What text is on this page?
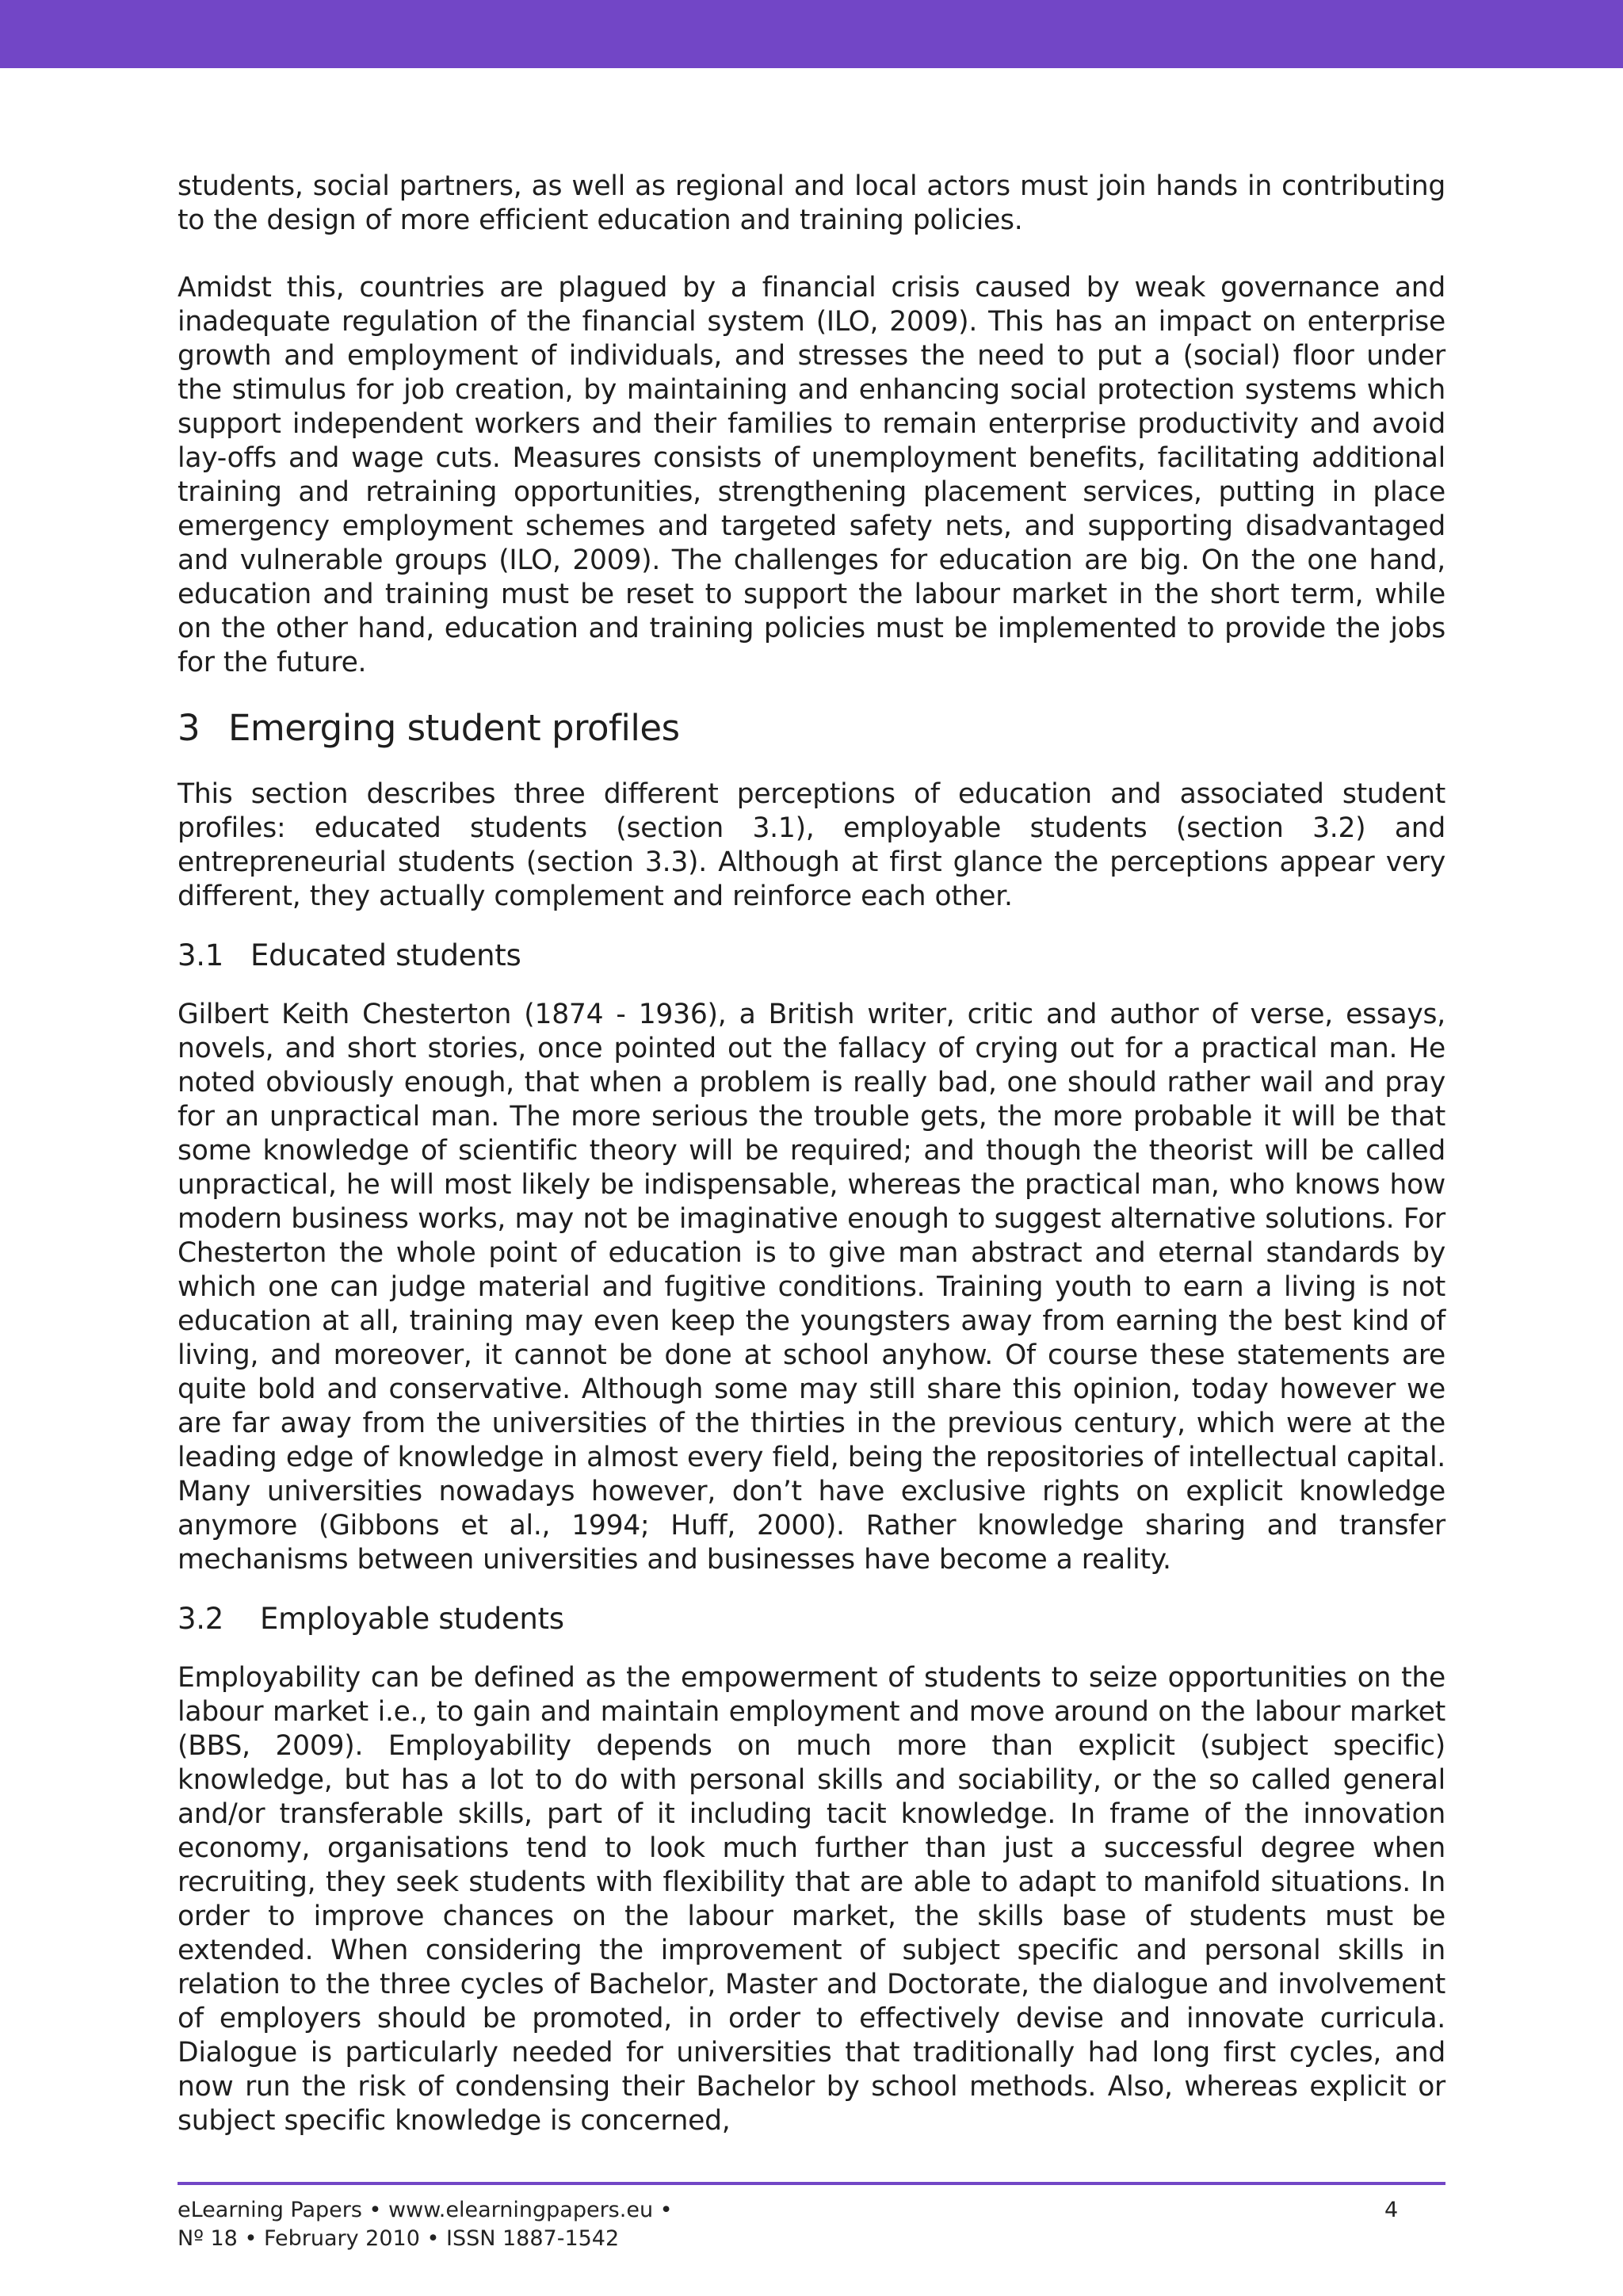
students, social partners, as well as regional and local actors must join hands in contributing to the design of more efficient education and training policies.

Amidst this, countries are plagued by a financial crisis caused by weak governance and inadequate regulation of the financial system (ILO, 2009). This has an impact on enterprise growth and employment of individuals, and stresses the need to put a (social) floor under the stimulus for job creation, by maintaining and enhancing social protection systems which support independent workers and their families to remain enterprise productivity and avoid lay-offs and wage cuts. Measures consists of unemployment benefits, facilitating additional training and retraining opportunities, strengthening placement services, putting in place emergency employment schemes and targeted safety nets, and supporting disadvantaged and vulnerable groups (ILO, 2009). The challenges for education are big. On the one hand, education and training must be reset to support the labour market in the short term, while on the other hand, education and training policies must be implemented to provide the jobs for the future.

3 Emerging student profiles

This section describes three different perceptions of education and associated student profiles: educated students (section 3.1), employable students (section 3.2) and entrepreneurial students (section 3.3). Although at first glance the perceptions appear very different, they actually complement and reinforce each other.

3.1 Educated students

Gilbert Keith Chesterton (1874 - 1936), a British writer, critic and author of verse, essays, novels, and short stories, once pointed out the fallacy of crying out for a practical man. He noted obviously enough, that when a problem is really bad, one should rather wail and pray for an unpractical man. The more serious the trouble gets, the more probable it will be that some knowledge of scientific theory will be required; and though the theorist will be called unpractical, he will most likely be indispensable, whereas the practical man, who knows how modern business works, may not be imaginative enough to suggest alternative solutions. For Chesterton the whole point of education is to give man abstract and eternal standards by which one can judge material and fugitive conditions. Training youth to earn a living is not education at all, training may even keep the youngsters away from earning the best kind of living, and moreover, it cannot be done at school anyhow. Of course these statements are quite bold and conservative. Although some may still share this opinion, today however we are far away from the universities of the thirties in the previous century, which were at the leading edge of knowledge in almost every field, being the repositories of intellectual capital. Many universities nowadays however, don’t have exclusive rights on explicit knowledge anymore (Gibbons et al., 1994; Huff, 2000). Rather knowledge sharing and transfer mechanisms between universities and businesses have become a reality.

3.2 Employable students

Employability can be defined as the empowerment of students to seize opportunities on the labour market i.e., to gain and maintain employment and move around on the labour market (BBS, 2009). Employability depends on much more than explicit (subject specific) knowledge, but has a lot to do with personal skills and sociability, or the so called general and/or transferable skills, part of it including tacit knowledge. In frame of the innovation economy, organisations tend to look much further than just a successful degree when recruiting, they seek students with flexibility that are able to adapt to manifold situations. In order to improve chances on the labour market, the skills base of students must be extended. When considering the improvement of subject specific and personal skills in relation to the three cycles of Bachelor, Master and Doctorate, the dialogue and involvement of employers should be promoted, in order to effectively devise and innovate curricula. Dialogue is particularly needed for universities that traditionally had long first cycles, and now run the risk of condensing their Bachelor by school methods. Also, whereas explicit or subject specific knowledge is concerned,

eLearning Papers • www.elearningpapers.eu •
Nº 18 • February 2010 • ISSN 1887-1542
4
